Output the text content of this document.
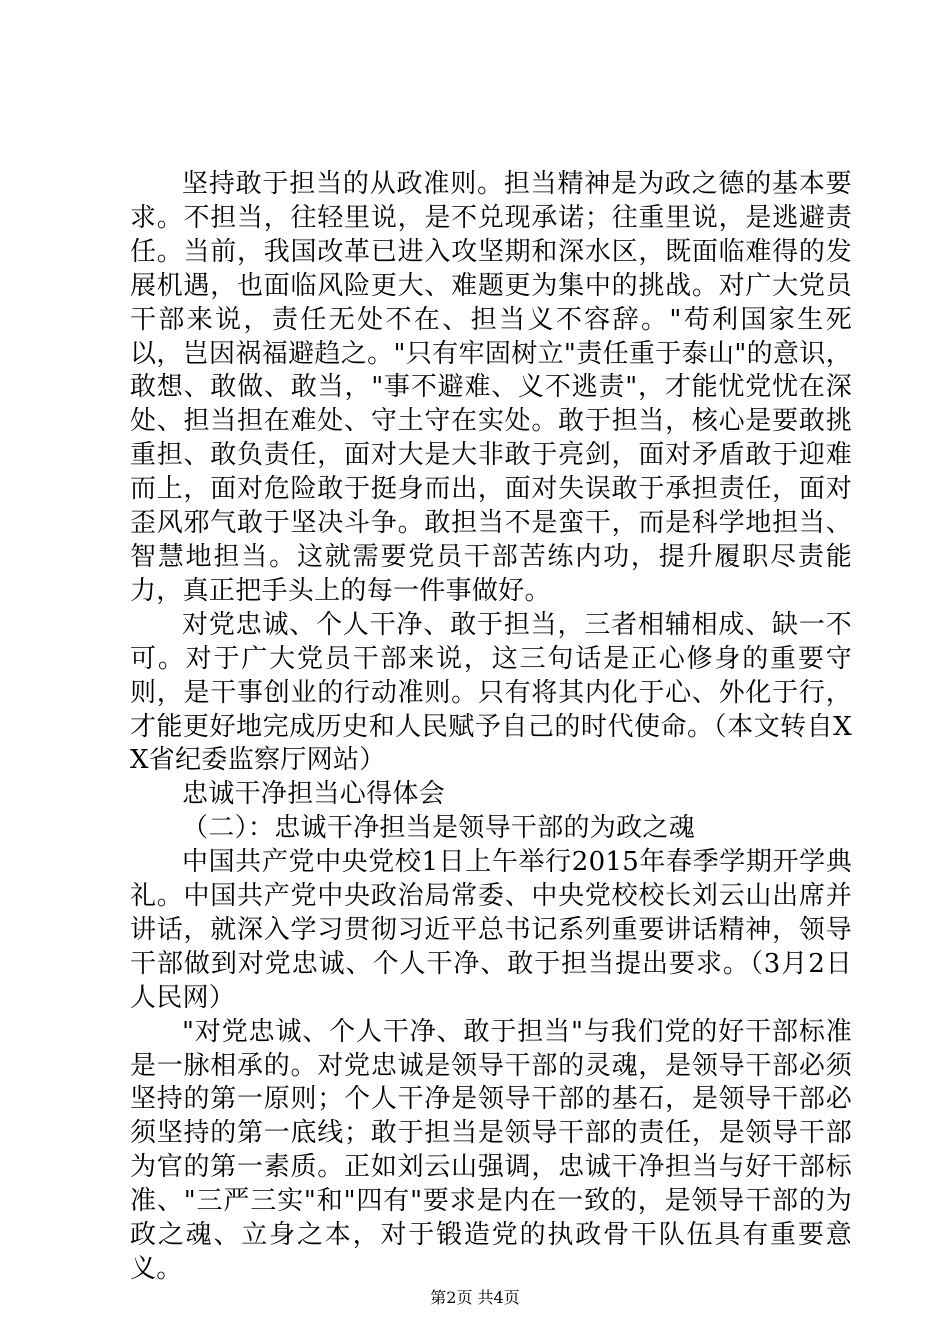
坚持敢于担当的从政准则。担当精神是为政之德的基本要求。不担当，往轻里说，是不兑现承诺；往重里说，是逃避责任。当前，我国改革已进入攻坚期和深水区，既面临难得的发展机遇，也面临风险更大、难题更为集中的挑战。对广大党员干部来说，责任无处不在、担当义不容辞。"苟利国家生死以，岂因祸福避趋之。"只有牢固树立"责任重于泰山"的意识，敢想、敢做、敢当，"事不避难、义不逃责"，才能忧党忧在深处、担当担在难处、守土守在实处。敢于担当，核心是要敢挑重担、敢负责任，面对大是大非敢于亮剑，面对矛盾敢于迎难而上，面对危险敢于挺身而出，面对失误敢于承担责任，面对歪风邪气敢于坚决斗争。敢担当不是蛮干，而是科学地担当、智慧地担当。这就需要党员干部苦练内功，提升履职尽责能力，真正把手头上的每一件事做好。

对党忠诚、个人干净、敢于担当，三者相辅相成、缺一不可。对于广大党员干部来说，这三句话是正心修身的重要守则，是干事创业的行动准则。只有将其内化于心、外化于行，才能更好地完成历史和人民赋予自己的时代使命。（本文转自XX省纪委监察厅网站）

忠诚干净担当心得体会

（二）：忠诚干净担当是领导干部的为政之魂

中国共产党中央党校1日上午举行2015年春季学期开学典礼。中国共产党中央政治局常委、中央党校校长刘云山出席并讲话，就深入学习贯彻习近平总书记系列重要讲话精神，领导干部做到对党忠诚、个人干净、敢于担当提出要求。（3月2日人民网）

"对党忠诚、个人干净、敢于担当"与我们党的好干部标准是一脉相承的。对党忠诚是领导干部的灵魂，是领导干部必须坚持的第一原则；个人干净是领导干部的基石，是领导干部必须坚持的第一底线；敢于担当是领导干部的责任，是领导干部为官的第一素质。正如刘云山强调，忠诚干净担当与好干部标准、"三严三实"和"四有"要求是内在一致的，是领导干部的为政之魂、立身之本，对于锻造党的执政骨干队伍具有重要意义。

第2页 共4页
